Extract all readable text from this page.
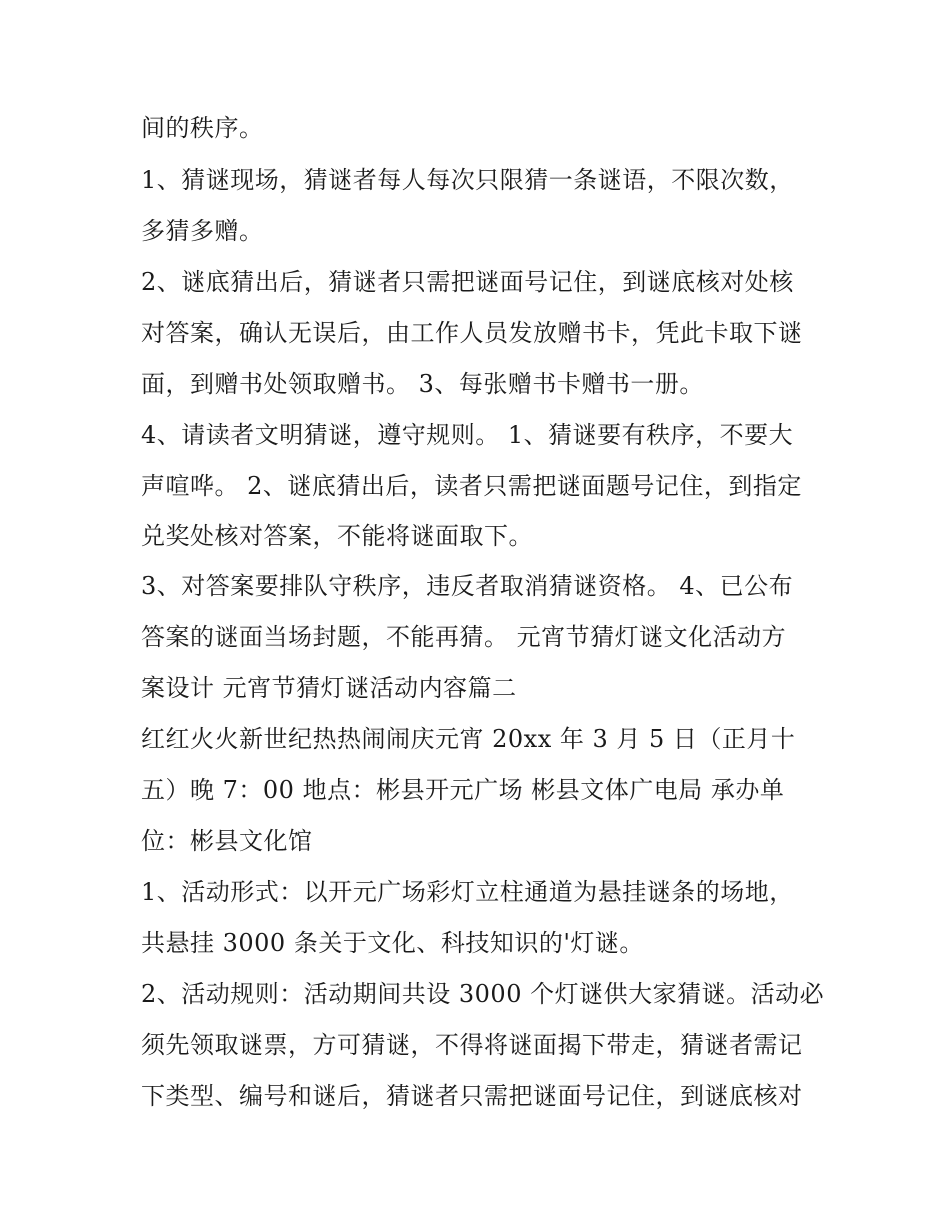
间的秩序。
1、猜谜现场，猜谜者每人每次只限猜一条谜语，不限次数，
多猜多赠。
2、谜底猜出后，猜谜者只需把谜面号记住，到谜底核对处核
对答案，确认无误后，由工作人员发放赠书卡，凭此卡取下谜
面，到赠书处领取赠书。 3、每张赠书卡赠书一册。
4、请读者文明猜谜，遵守规则。 1、猜谜要有秩序，不要大
声喧哗。 2、谜底猜出后，读者只需把谜面题号记住，到指定
兑奖处核对答案，不能将谜面取下。
3、对答案要排队守秩序，违反者取消猜谜资格。 4、已公布
答案的谜面当场封题，不能再猜。 元宵节猜灯谜文化活动方
案设计 元宵节猜灯谜活动内容篇二
红红火火新世纪热热闹闹庆元宵 20xx 年 3 月 5 日（正月十
五）晚 7：00 地点：彬县开元广场 彬县文体广电局 承办单
位：彬县文化馆
1、活动形式：以开元广场彩灯立柱通道为悬挂谜条的场地，
共悬挂 3000 条关于文化、科技知识的'灯谜。
2、活动规则：活动期间共设 3000 个灯谜供大家猜谜。活动必
须先领取谜票，方可猜谜，不得将谜面揭下带走，猜谜者需记
下类型、编号和谜后，猜谜者只需把谜面号记住，到谜底核对
